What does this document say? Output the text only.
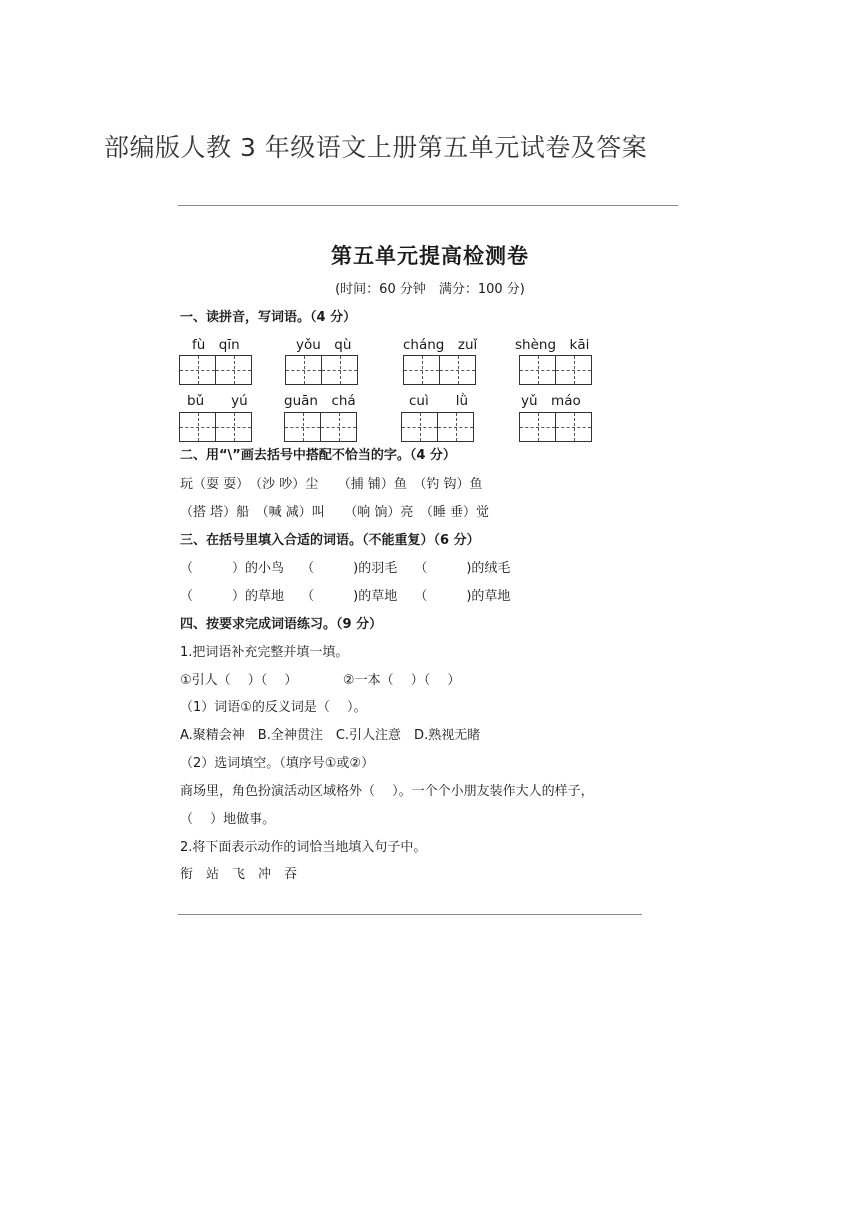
部编版人教 3 年级语文上册第五单元试卷及答案
第五单元提高检测卷
(时间：60 分钟　满分：100 分)
一、读拼音，写词语。（4 分）
fù　qīn	yǒu　qù	cháng　zuǐ	shèng　kāi
bǔ　　yú	guān　chá	cuì　　lǜ	yǔ　máo
二、用“\”画去括号中搭配不恰当的字。（4 分）
玩（耍 耍）　（沙 吵）尘　　（捕 铺）鱼　（钓 钩）鱼
（搭 塔）船　（喊 减）叫　　（响 饷）亮　（睡 垂）觉
三、在括号里填入合适的词语。（不能重复）（6 分）
（　　　）的小鸟　 （　　　)的羽毛　 （　　　)的绒毛
（　　　）的草地　 （　　　)的草地　 （　　　)的草地
四、按要求完成词语练习。（9 分）
1.把词语补充完整并填一填。
①引人（　 ）（　 ）　　　　②一本（　 ）（　 ）
（1）词语①的反义词是（　 ）。
A.聚精会神　B.全神贯注　C.引人注意　D.熟视无睹
（2）选词填空。（填序号①或②）
商场里，角色扮演活动区域格外（　 ）。一个个小朋友装作大人的样子，
（　 ）地做事。
2.将下面表示动作的词恰当地填入句子中。
衔　站　飞　冲　吞
